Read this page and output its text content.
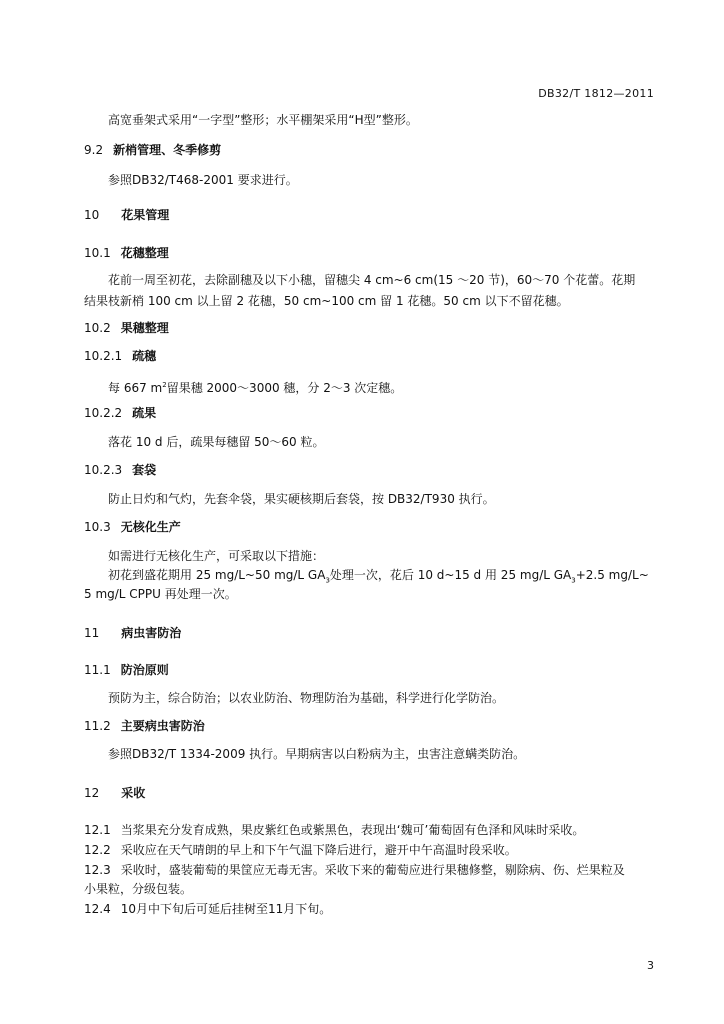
DB32/T 1812—2011
高宽垂架式采用“一字型”整形；水平棚架采用“H型”整形。
9.2 新梢管理、冬季修剪
参照DB32/T468-2001 要求进行。
10 花果管理
10.1 花穗整理
花前一周至初花，去除副穗及以下小穗，留穗尖 4 cm~6 cm(15 ～20 节)，60～70 个花蕾。花期
结果枝新梢 100 cm 以上留 2 花穗，50 cm~100 cm 留 1 花穗。50 cm 以下不留花穗。
10.2 果穗整理
10.2.1 疏穗
每 667 $m^2$留果穗 2000～3000 穗，分 2～3 次定穗。
10.2.2 疏果
落花 10 d 后，疏果每穗留 50～60 粒。
10.2.3 套袋
防止日灼和气灼，先套伞袋，果实硬核期后套袋，按 DB32/T930 执行。
10.3 无核化生产
如需进行无核化生产，可采取以下措施：
初花到盛花期用 25 mg/L~50 mg/L $GA_3$处理一次，花后 10 d~15 d 用 25 mg/L $GA_3+2.5$ mg/L~
5 mg/L CPPU 再处理一次。
11 病虫害防治
11.1 防治原则
预防为主，综合防治；以农业防治、物理防治为基础，科学进行化学防治。
11.2 主要病虫害防治
参照DB32/T 1334-2009 执行。早期病害以白粉病为主，虫害注意螨类防治。
12 采收
12.1 当浆果充分发育成熟，果皮紫红色或紫黑色，表现出‘魏可’葡萄固有色泽和风味时采收。
12.2 采收应在天气晴朗的早上和下午气温下降后进行，避开中午高温时段采收。
12.3 采收时，盛装葡萄的果筐应无毒无害。采收下来的葡萄应进行果穗修整，剔除病、伤、烂果粒及
小果粒，分级包装。
12.4 10月中下旬后可延后挂树至11月下旬。
3
